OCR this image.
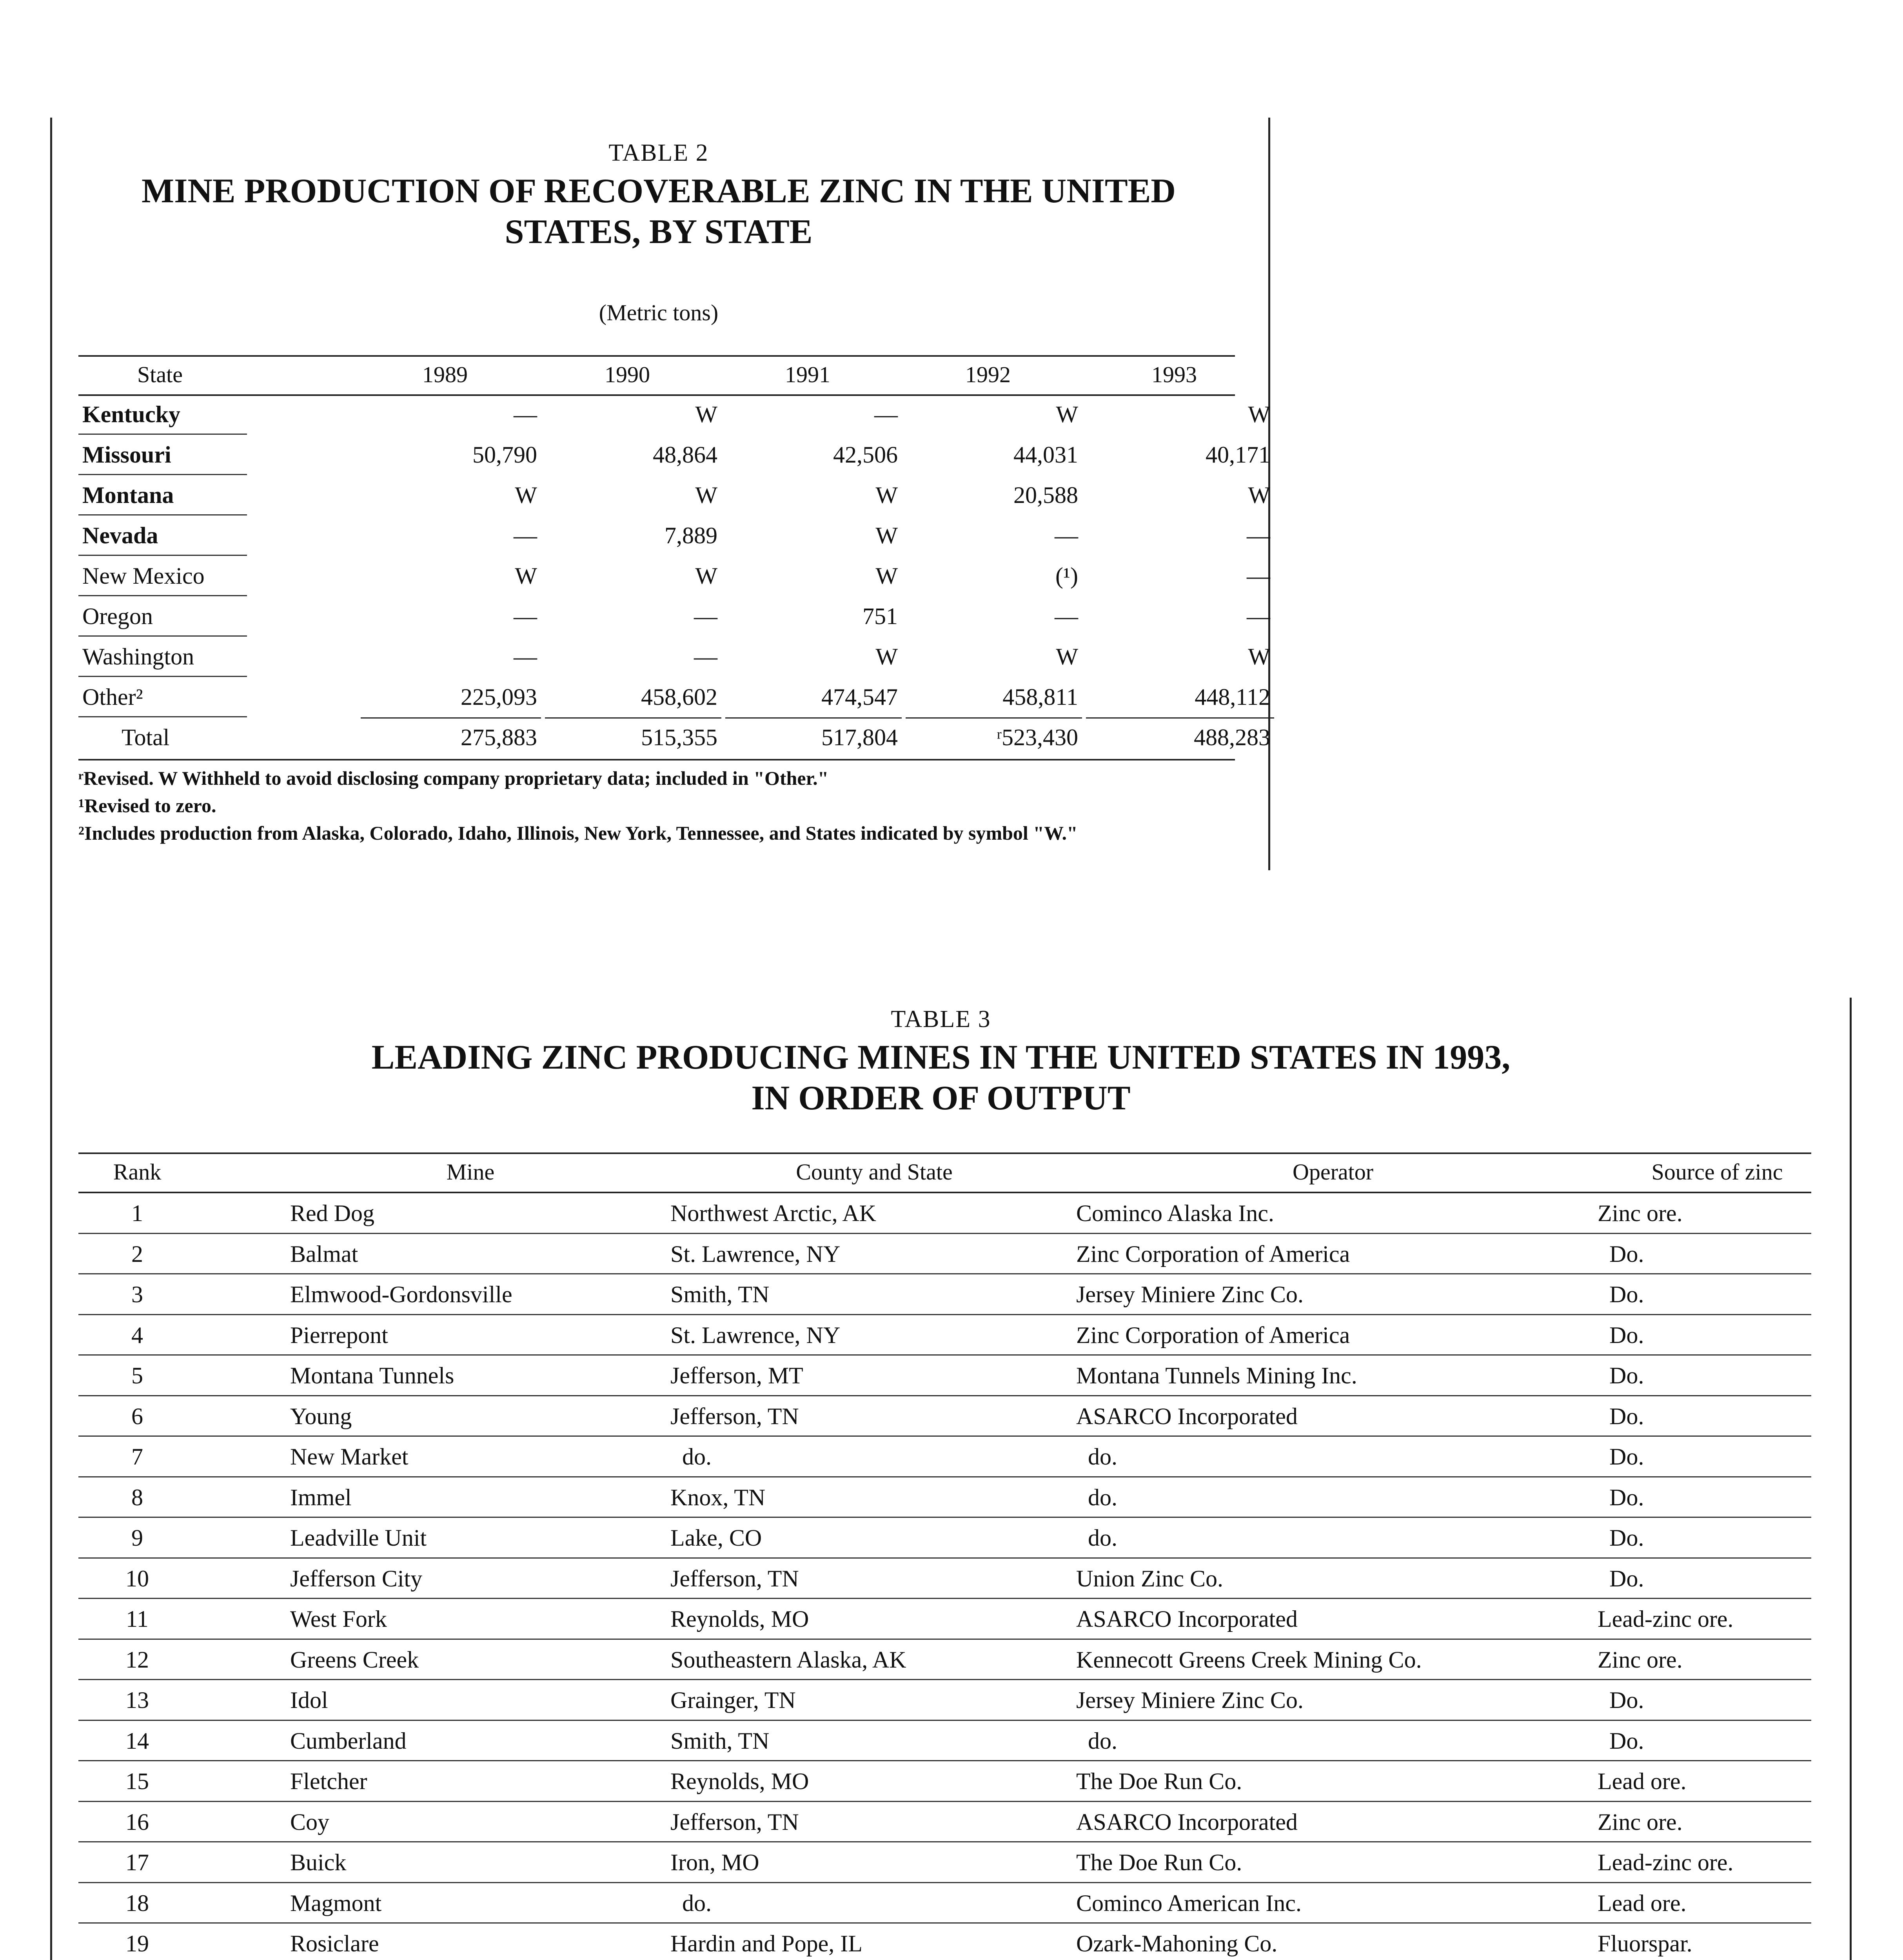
TABLE 2
MINE PRODUCTION OF RECOVERABLE ZINC IN THE UNITED
STATES, BY STATE
(Metric tons)
State	1989	1990	1991	1992	1993
Kentucky	—	W	—	W	W
Missouri	50,790	48,864	42,506	44,031	40,171
Montana	W	W	W	20,588	W
Nevada	—	7,889	W	—	—
New Mexico	W	W	W	(¹)	—
Oregon	—	—	751	—	—
Washington	—	—	W	W	W
Other²	225,093	458,602	474,547	458,811	448,112
Total	275,883	515,355	517,804	ʳ523,430	488,283
ʳRevised. W Withheld to avoid disclosing company proprietary data; included in "Other."
¹Revised to zero.
²Includes production from Alaska, Colorado, Idaho, Illinois, New York, Tennessee, and States indicated by symbol "W."
TABLE 3
LEADING ZINC PRODUCING MINES IN THE UNITED STATES IN 1993,
IN ORDER OF OUTPUT
Rank	Mine	County and State	Operator	Source of zinc
1	Red Dog	Northwest Arctic, AK	Cominco Alaska Inc.	Zinc ore.
2	Balmat	St. Lawrence, NY	Zinc Corporation of America	Do.
3	Elmwood-Gordonsville	Smith, TN	Jersey Miniere Zinc Co.	Do.
4	Pierrepont	St. Lawrence, NY	Zinc Corporation of America	Do.
5	Montana Tunnels	Jefferson, MT	Montana Tunnels Mining Inc.	Do.
6	Young	Jefferson, TN	ASARCO Incorporated	Do.
7	New Market	do.	do.	Do.
8	Immel	Knox, TN	do.	Do.
9	Leadville Unit	Lake, CO	do.	Do.
10	Jefferson City	Jefferson, TN	Union Zinc Co.	Do.
11	West Fork	Reynolds, MO	ASARCO Incorporated	Lead-zinc ore.
12	Greens Creek	Southeastern Alaska, AK	Kennecott Greens Creek Mining Co.	Zinc ore.
13	Idol	Grainger, TN	Jersey Miniere Zinc Co.	Do.
14	Cumberland	Smith, TN	do.	Do.
15	Fletcher	Reynolds, MO	The Doe Run Co.	Lead ore.
16	Coy	Jefferson, TN	ASARCO Incorporated	Zinc ore.
17	Buick	Iron, MO	The Doe Run Co.	Lead-zinc ore.
18	Magmont	do.	Cominco American Inc.	Lead ore.
19	Rosiclare	Hardin and Pope, IL	Ozark-Mahoning Co.	Fluorspar.
